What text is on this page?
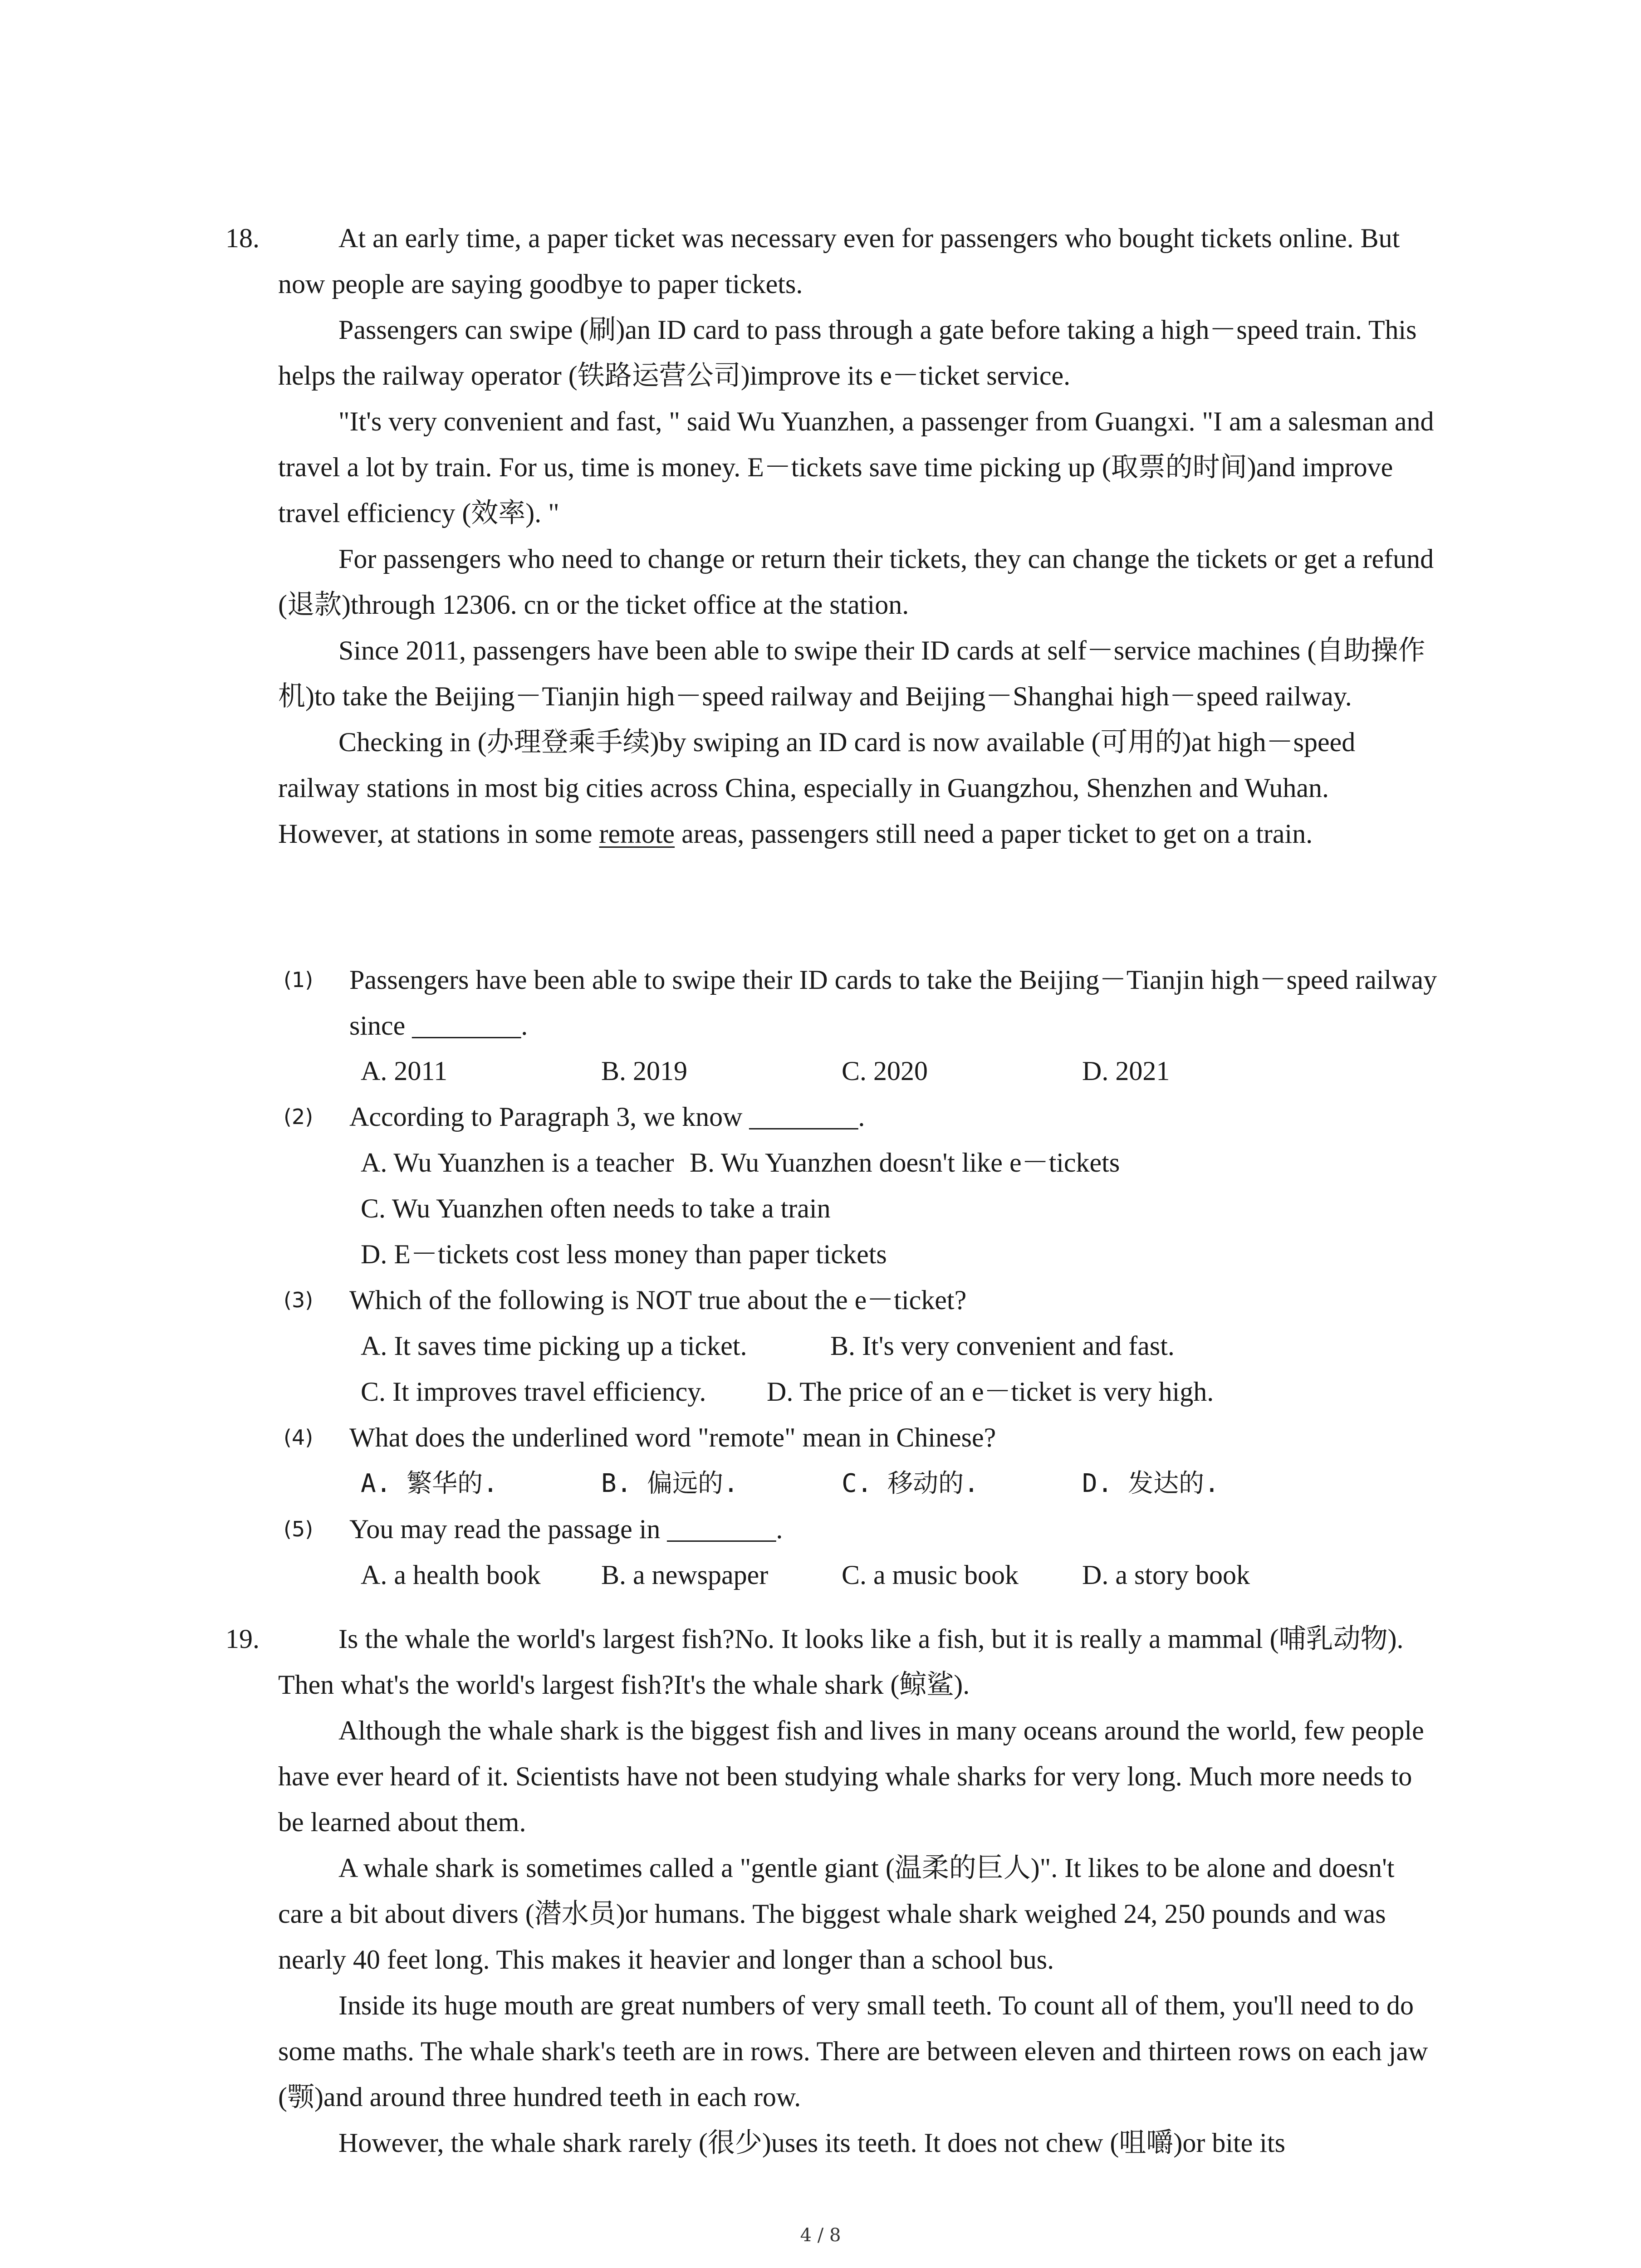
18.	At an early time, a paper ticket was necessary even for passengers who bought tickets online. But now people are saying goodbye to paper tickets.

Passengers can swipe (刷)an ID card to pass through a gate before taking a high－speed train. This helps the railway operator (铁路运营公司)improve its e－ticket service.

"It's very convenient and fast, " said Wu Yuanzhen, a passenger from Guangxi. "I am a salesman and travel a lot by train. For us, time is money. E－tickets save time picking up (取票的时间)and improve travel efficiency (效率). "

For passengers who need to change or return their tickets, they can change the tickets or get a refund (退款)through 12306. cn or the ticket office at the station.

Since 2011, passengers have been able to swipe their ID cards at self－service machines (自助操作机)to take the Beijing－Tianjin high－speed railway and Beijing－Shanghai high－speed railway.

Checking in (办理登乘手续)by swiping an ID card is now available (可用的)at high－speed railway stations in most big cities across China, especially in Guangzhou, Shenzhen and Wuhan. However, at stations in some remote areas, passengers still need a paper ticket to get on a train.

(1) Passengers have been able to swipe their ID cards to take the Beijing－Tianjin high－speed railway since ________.
A. 2011	B. 2019	C. 2020	D. 2021
(2) According to Paragraph 3, we know ________.
A. Wu Yuanzhen is a teacher B. Wu Yuanzhen doesn't like e－tickets
C. Wu Yuanzhen often needs to take a train
D. E－tickets cost less money than paper tickets
(3) Which of the following is NOT true about the e－ticket?
A. It saves time picking up a ticket.	B. It's very convenient and fast.
C. It improves travel efficiency. D. The price of an e－ticket is very high.
(4) What does the underlined word "remote" mean in Chinese?
A. 繁华的.	B. 偏远的.	C. 移动的.	D. 发达的.
(5) You may read the passage in ________.
A. a health book B. a newspaper	C. a music book D. a story book
19.	Is the whale the world's largest fish?No. It looks like a fish, but it is really a mammal (哺乳动物). Then what's the world's largest fish?It's the whale shark (鲸鲨).

Although the whale shark is the biggest fish and lives in many oceans around the world, few people have ever heard of it. Scientists have not been studying whale sharks for very long. Much more needs to be learned about them.

A whale shark is sometimes called a "gentle giant (温柔的巨人)". It likes to be alone and doesn't care a bit about divers (潜水员)or humans. The biggest whale shark weighed 24, 250 pounds and was nearly 40 feet long. This makes it heavier and longer than a school bus.

Inside its huge mouth are great numbers of very small teeth. To count all of them, you'll need to do some maths. The whale shark's teeth are in rows. There are between eleven and thirteen rows on each jaw (颚)and around three hundred teeth in each row.

However, the whale shark rarely (很少)uses its teeth. It does not chew (咀嚼)or bite its

4 / 8
